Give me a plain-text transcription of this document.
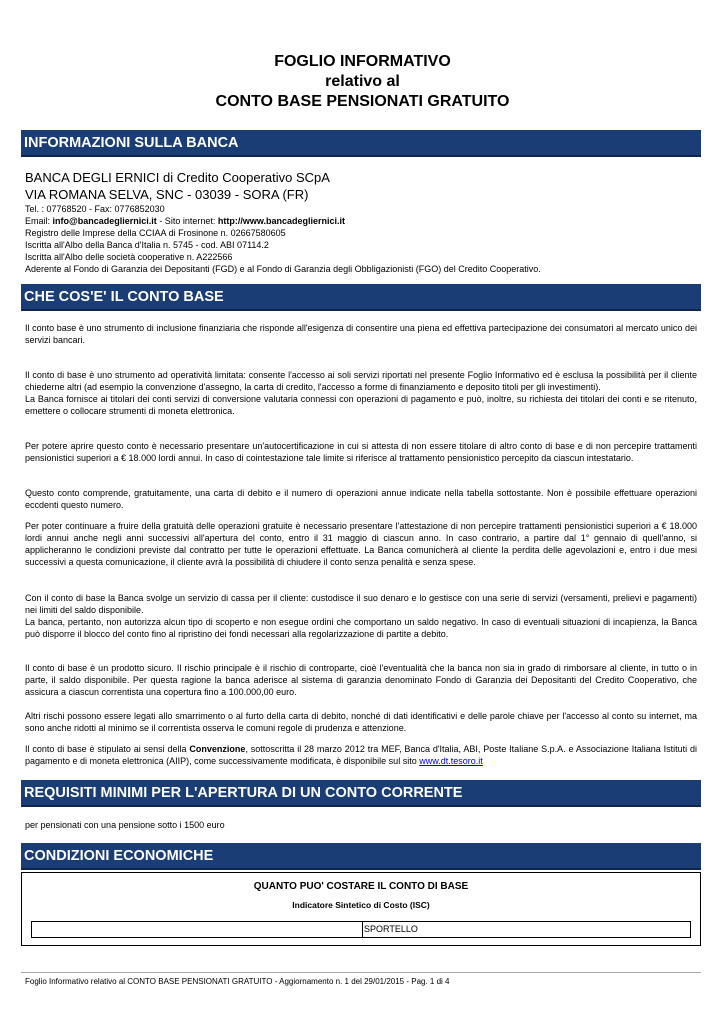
FOGLIO INFORMATIVO
relativo al
CONTO BASE PENSIONATI GRATUITO
INFORMAZIONI SULLA BANCA
BANCA DEGLI ERNICI di Credito Cooperativo SCpA
VIA ROMANA SELVA, SNC - 03039 - SORA (FR)
Tel. : 07768520 - Fax: 0776852030
Email: info@bancadegliernici.it - Sito internet: http://www.bancadegliernici.it
Registro delle Imprese della CCIAA di Frosinone n. 02667580605
Iscritta all'Albo della Banca d'Italia n. 5745 - cod. ABI 07114.2
Iscritta all'Albo delle società cooperative n. A222566
Aderente al Fondo di Garanzia dei Depositanti (FGD) e al Fondo di Garanzia degli Obbligazionisti (FGO) del Credito Cooperativo.
CHE COS'E' IL CONTO BASE

Il conto base è uno strumento di inclusione finanziaria che risponde all'esigenza di consentire una piena ed effettiva partecipazione dei consumatori al mercato unico dei servizi bancari.

Il conto di base è uno strumento ad operatività limitata: consente l'accesso ai soli servizi riportati nel presente Foglio Informativo ed è esclusa la possibilità per il cliente chiederne altri (ad esempio la convenzione d'assegno, la carta di credito, l'accesso a forme di finanziamento e deposito titoli per gli investimenti).

La Banca fornisce ai titolari dei conti servizi di conversione valutaria connessi con operazioni di pagamento e può, inoltre, su richiesta dei titolari dei conti e se ritenuto, emettere o collocare strumenti di moneta elettronica.

Per potere aprire questo conto è necessario presentare un'autocertificazione in cui si attesta di non essere titolare di altro conto di base e di non percepire trattamenti pensionistici superiori a € 18.000 lordi annui. In caso di cointestazione tale limite si riferisce al trattamento pensionistico percepito da ciascun intestatario.

Questo conto comprende, gratuitamente, una carta di debito e il numero di operazioni annue indicate nella tabella sottostante. Non è possibile effettuare operazioni eccdenti questo numero.

Per poter continuare a fruire della gratuità delle operazioni gratuite è necessario presentare l'attestazione di non percepire trattamenti pensionistici superiori a € 18.000 lordi annui anche negli anni successivi all'apertura del conto, entro il 31 maggio di ciascun anno. In caso contrario, a partire dal 1° gennaio di quell'anno, si applicheranno le condizioni previste dal contratto per tutte le operazioni effettuate. La Banca comunicherà al cliente la perdita delle agevolazioni e, entro i due mesi successivi a questa comunicazione, il cliente avrà la possibilità di chiudere il conto senza penalità e senza spese.

Con il conto di base la Banca svolge un servizio di cassa per il cliente: custodisce il suo denaro e lo gestisce con una serie di servizi (versamenti, prelievi e pagamenti) nei limiti del saldo disponibile.

La banca, pertanto, non autorizza alcun tipo di scoperto e non esegue ordini che comportano un saldo negativo. In caso di eventuali situazioni di incapienza, la Banca può disporre il blocco del conto fino al ripristino dei fondi necessari alla regolarizzazione di partite a debito.

Il conto di base è un prodotto sicuro. Il rischio principale è il rischio di controparte, cioè l'eventualità che la banca non sia in grado di rimborsare al cliente, in tutto o in parte, il saldo disponibile. Per questa ragione la banca aderisce al sistema di garanzia denominato Fondo di Garanzia dei Depositanti del Credito Cooperativo, che assicura a ciascun correntista una copertura fino a 100.000,00 euro.

Altri rischi possono essere legati allo smarrimento o al furto della carta di debito, nonché di dati identificativi e delle parole chiave per l'accesso al conto su internet, ma sono anche ridotti al minimo se il correntista osserva le comuni regole di prudenza e attenzione.

Il conto di base è stipulato ai sensi della Convenzione, sottoscritta il 28 marzo 2012 tra MEF, Banca d'Italia, ABI, Poste Italiane S.p.A. e Associazione Italiana Istituti di pagamento e di moneta elettronica (AIIP), come successivamente modificata, è disponibile sul sito www.dt.tesoro.it

REQUISITI MINIMI PER L'APERTURA DI UN CONTO CORRENTE
per pensionati con una pensione sotto i 1500 euro
CONDIZIONI ECONOMICHE
QUANTO PUO' COSTARE IL CONTO DI BASE
Indicatore Sintetico di Costo (ISC)
SPORTELLO
Foglio Informativo relativo al CONTO BASE PENSIONATI GRATUITO - Aggiornamento n. 1 del 29/01/2015 - Pag. 1 di 4
